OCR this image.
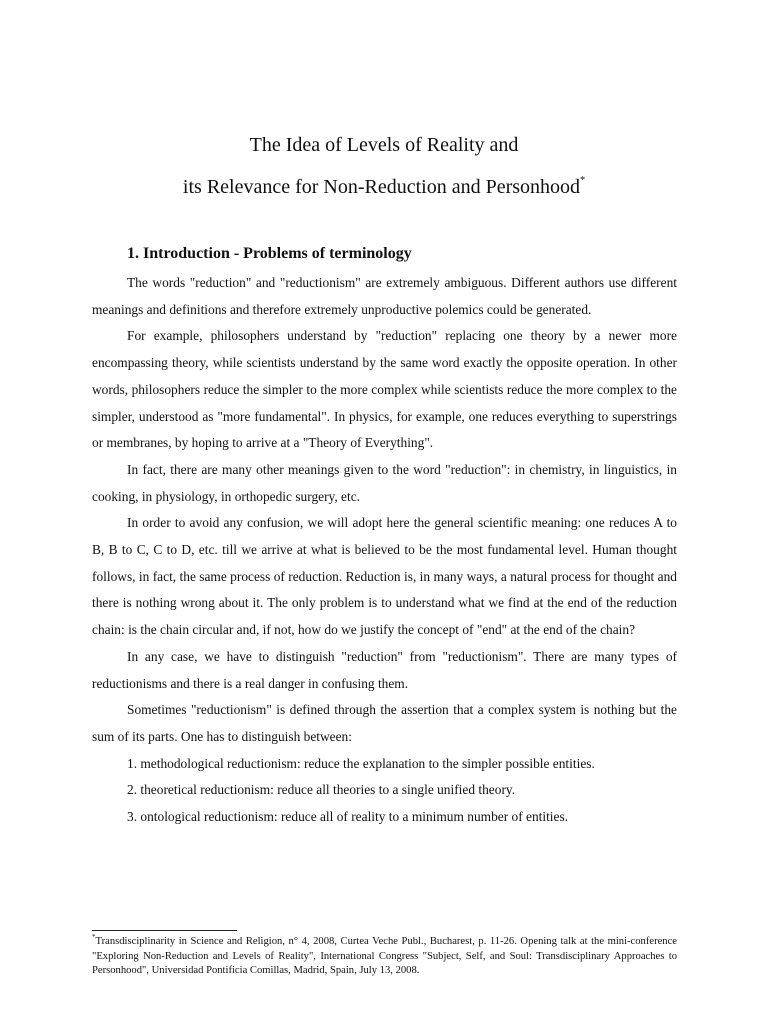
The Idea of Levels of Reality and
its Relevance for Non-Reduction and Personhood*
1. Introduction - Problems of terminology

The words "reduction" and "reductionism" are extremely ambiguous. Different authors use different meanings and definitions and therefore extremely unproductive polemics could be generated.

For example, philosophers understand by "reduction" replacing one theory by a newer more encompassing theory, while scientists understand by the same word exactly the opposite operation. In other words, philosophers reduce the simpler to the more complex while scientists reduce the more complex to the simpler, understood as "more fundamental". In physics, for example, one reduces everything to superstrings or membranes, by hoping to arrive at a "Theory of Everything".

In fact, there are many other meanings given to the word "reduction": in chemistry, in linguistics, in cooking, in physiology, in orthopedic surgery, etc.

In order to avoid any confusion, we will adopt here the general scientific meaning: one reduces A to B, B to C, C to D, etc. till we arrive at what is believed to be the most fundamental level. Human thought follows, in fact, the same process of reduction. Reduction is, in many ways, a natural process for thought and there is nothing wrong about it. The only problem is to understand what we find at the end of the reduction chain: is the chain circular and, if not, how do we justify the concept of "end" at the end of the chain?

In any case, we have to distinguish "reduction" from "reductionism". There are many types of reductionisms and there is a real danger in confusing them.

Sometimes "reductionism" is defined through the assertion that a complex system is nothing but the sum of its parts. One has to distinguish between:

1. methodological reductionism: reduce the explanation to the simpler possible entities.

2. theoretical reductionism: reduce all theories to a single unified theory.

3. ontological reductionism: reduce all of reality to a minimum number of entities.

*Transdisciplinarity in Science and Religion, n° 4, 2008, Curtea Veche Publ., Bucharest, p. 11-26. Opening talk at the mini-conference "Exploring Non-Reduction and Levels of Reality", International Congress "Subject, Self, and Soul: Transdisciplinary Approaches to Personhood", Universidad Pontificia Comillas, Madrid, Spain, July 13, 2008.
